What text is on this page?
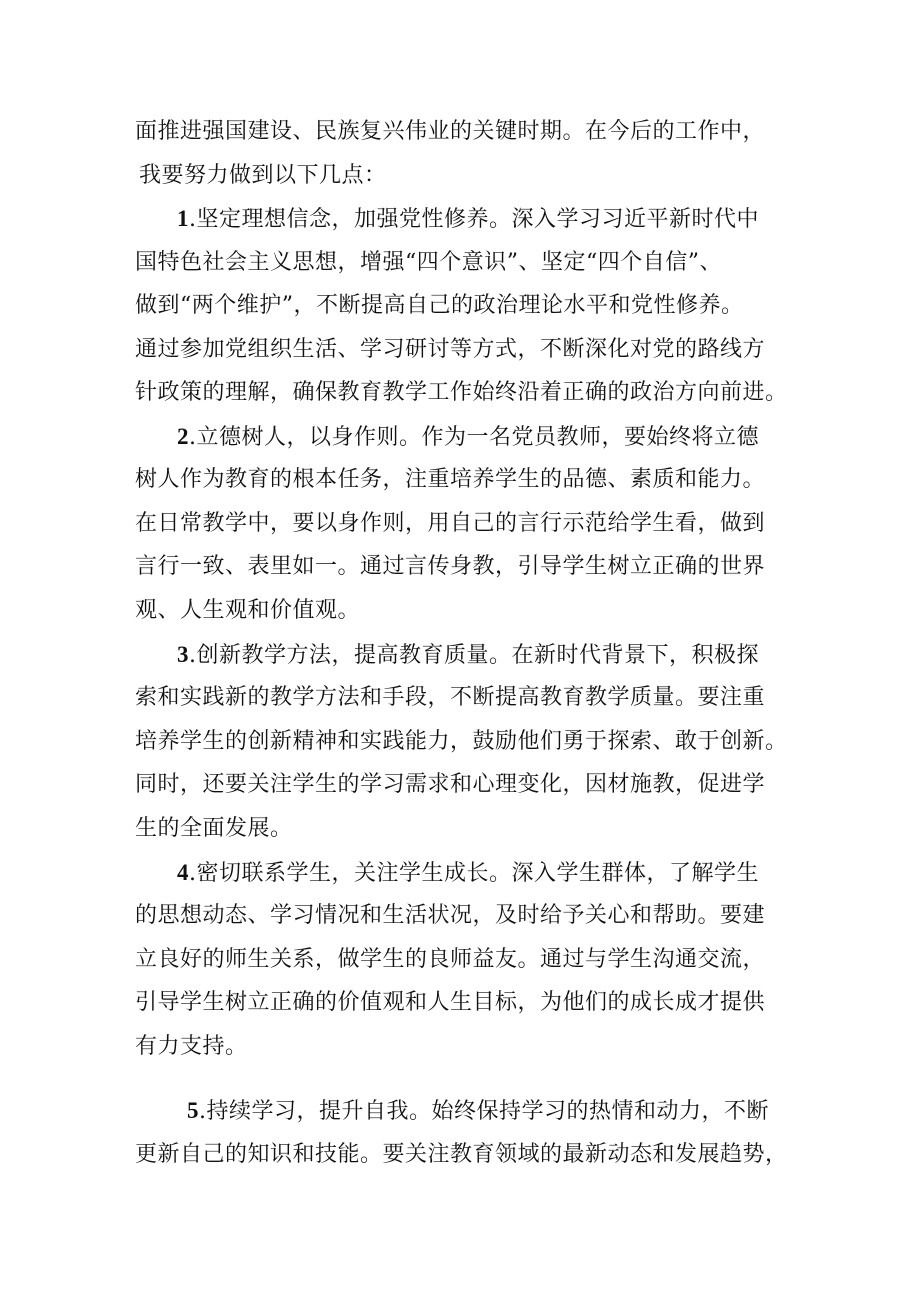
面推进强国建设、民族复兴伟业的关键时期。在今后的工作中，
我要努力做到以下几点：
1.坚定理想信念，加强党性修养。深入学习习近平新时代中
国特色社会主义思想，增强“四个意识”、坚定“四个自信”、
做到“两个维护”，不断提高自己的政治理论水平和党性修养。
通过参加党组织生活、学习研讨等方式，不断深化对党的路线方
针政策的理解，确保教育教学工作始终沿着正确的政治方向前进。
2.立德树人，以身作则。作为一名党员教师，要始终将立德
树人作为教育的根本任务，注重培养学生的品德、素质和能力。
在日常教学中，要以身作则，用自己的言行示范给学生看，做到
言行一致、表里如一。通过言传身教，引导学生树立正确的世界
观、人生观和价值观。
3.创新教学方法，提高教育质量。在新时代背景下，积极探
索和实践新的教学方法和手段，不断提高教育教学质量。要注重
培养学生的创新精神和实践能力，鼓励他们勇于探索、敢于创新。
同时，还要关注学生的学习需求和心理变化，因材施教，促进学
生的全面发展。
4.密切联系学生，关注学生成长。深入学生群体，了解学生
的思想动态、学习情况和生活状况，及时给予关心和帮助。要建
立良好的师生关系，做学生的良师益友。通过与学生沟通交流，
引导学生树立正确的价值观和人生目标，为他们的成长成才提供
有力支持。
5.持续学习，提升自我。始终保持学习的热情和动力，不断
更新自己的知识和技能。要关注教育领域的最新动态和发展趋势，
